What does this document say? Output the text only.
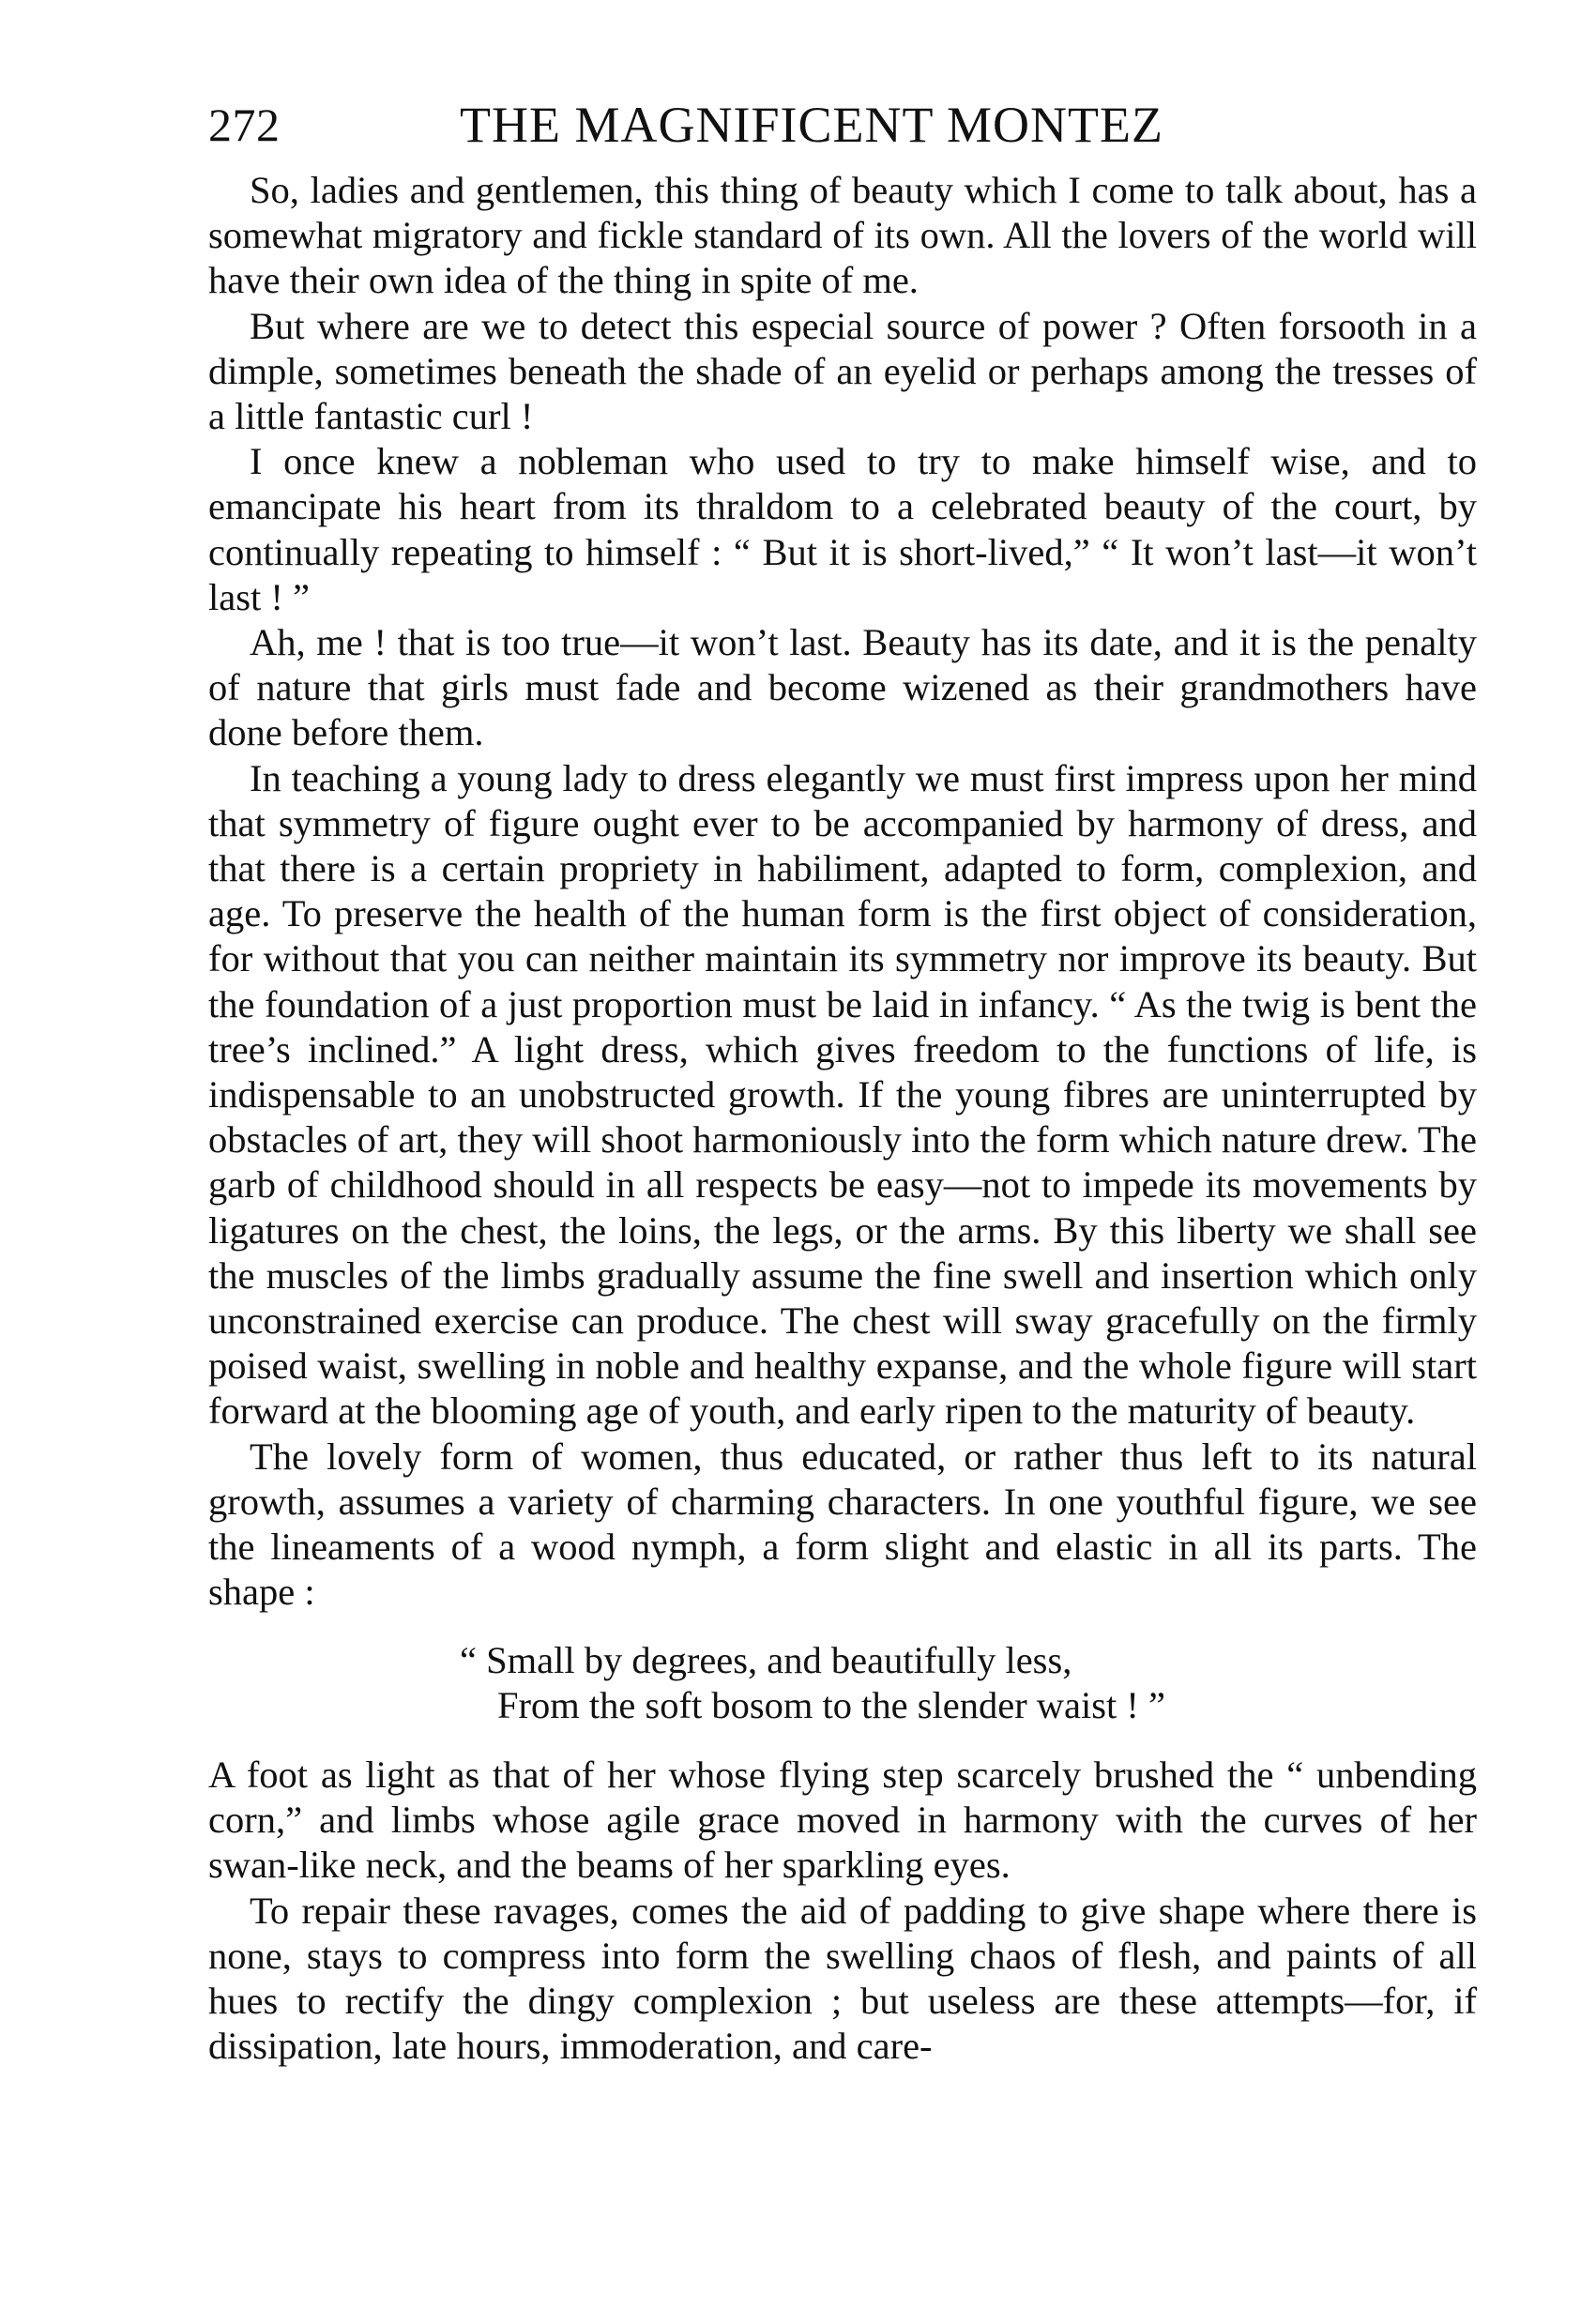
272	THE MAGNIFICENT MONTEZ

So, ladies and gentlemen, this thing of beauty which I come to talk about, has a somewhat migratory and fickle standard of its own. All the lovers of the world will have their own idea of the thing in spite of me.

But where are we to detect this especial source of power ? Often forsooth in a dimple, sometimes beneath the shade of an eyelid or perhaps among the tresses of a little fantastic curl !

I once knew a nobleman who used to try to make himself wise, and to emancipate his heart from its thraldom to a celebrated beauty of the court, by continually repeating to himself : “ But it is short-lived,” “ It won’t last—it won’t last ! ”

Ah, me ! that is too true—it won’t last. Beauty has its date, and it is the penalty of nature that girls must fade and become wizened as their grandmothers have done before them.

In teaching a young lady to dress elegantly we must first impress upon her mind that symmetry of figure ought ever to be accompanied by harmony of dress, and that there is a certain propriety in habiliment, adapted to form, complexion, and age. To preserve the health of the human form is the first object of consideration, for without that you can neither maintain its symmetry nor improve its beauty. But the foundation of a just proportion must be laid in infancy. “ As the twig is bent the tree’s inclined.” A light dress, which gives freedom to the functions of life, is indispensable to an unobstructed growth. If the young fibres are uninterrupted by obstacles of art, they will shoot harmoniously into the form which nature drew. The garb of childhood should in all respects be easy—not to impede its movements by ligatures on the chest, the loins, the legs, or the arms. By this liberty we shall see the muscles of the limbs gradually assume the fine swell and insertion which only unconstrained exercise can produce. The chest will sway gracefully on the firmly poised waist, swelling in noble and healthy expanse, and the whole figure will start forward at the blooming age of youth, and early ripen to the maturity of beauty.

The lovely form of women, thus educated, or rather thus left to its natural growth, assumes a variety of charming characters. In one youthful figure, we see the lineaments of a wood nymph, a form slight and elastic in all its parts. The shape :

“ Small by degrees, and beautifully less,
From the soft bosom to the slender waist ! ”

A foot as light as that of her whose flying step scarcely brushed the “ unbending corn,” and limbs whose agile grace moved in harmony with the curves of her swan-like neck, and the beams of her sparkling eyes.

To repair these ravages, comes the aid of padding to give shape where there is none, stays to compress into form the swelling chaos of flesh, and paints of all hues to rectify the dingy complexion ; but useless are these attempts—for, if dissipation, late hours, immoderation, and care-
